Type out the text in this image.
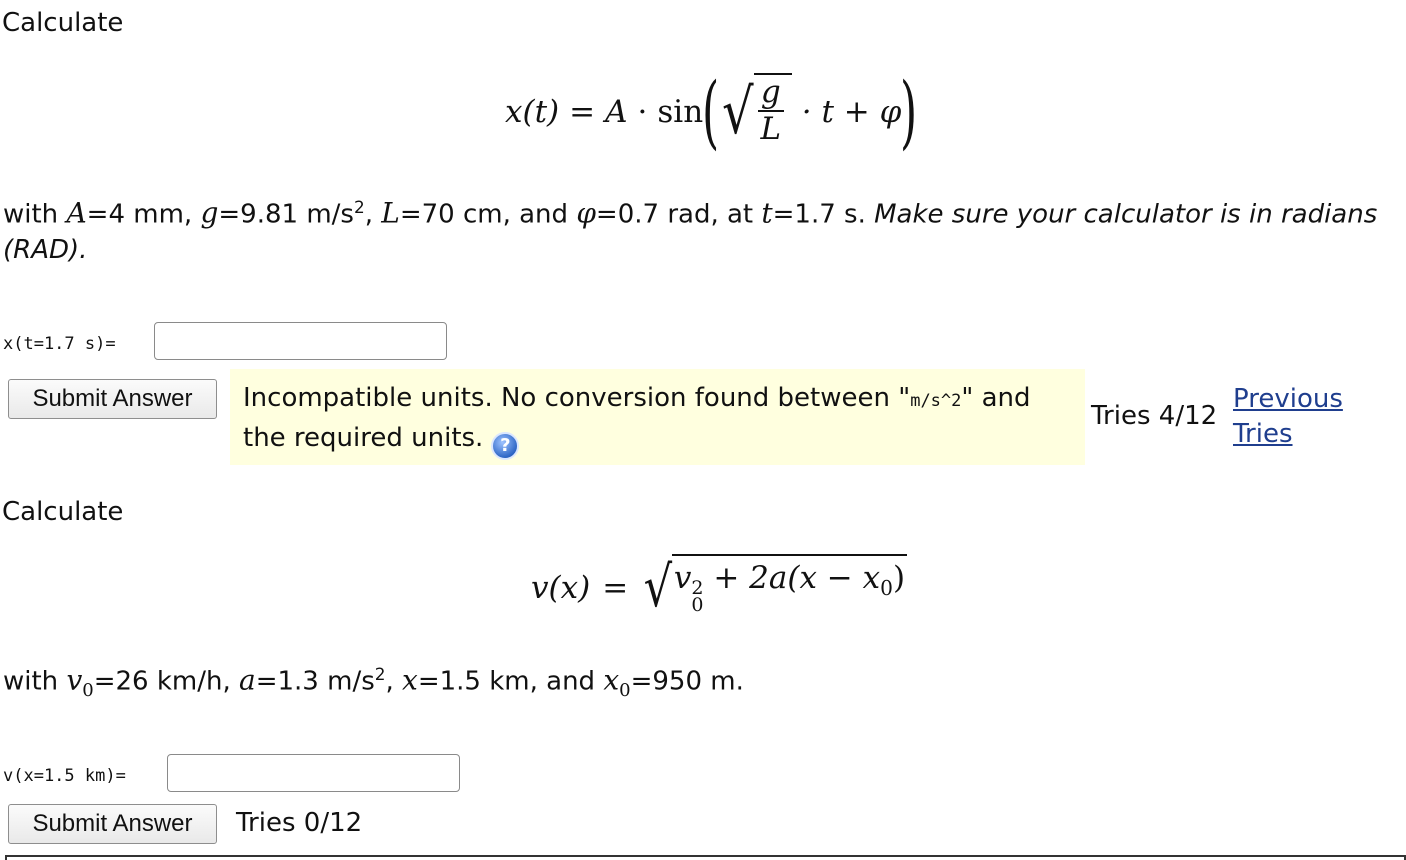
Calculate
x(t) = A · sin ( √ $\frac{g}{L} \cdot t + \varphi$ )
with A=4 mm, g=9.81 $m/s^2$, L=70 cm, and φ=0.7 rad, at t=1.7 s. Make sure your calculator is in radians (RAD).
x(t=1.7 s)=
Submit Answer	Incompatible units. No conversion found between "m/s^2" and the required units. ?
Tries 4/12
Previous Tries
Calculate
v(x) = √ v 2
0
+ $2a(x - x_0)$
with $v_0=26$ km/h, a=1.3 $m/s^2$, x=1.5 km, and $x_0=950$ m.
v(x=1.5 km)=
Submit Answer	Tries 0/12
